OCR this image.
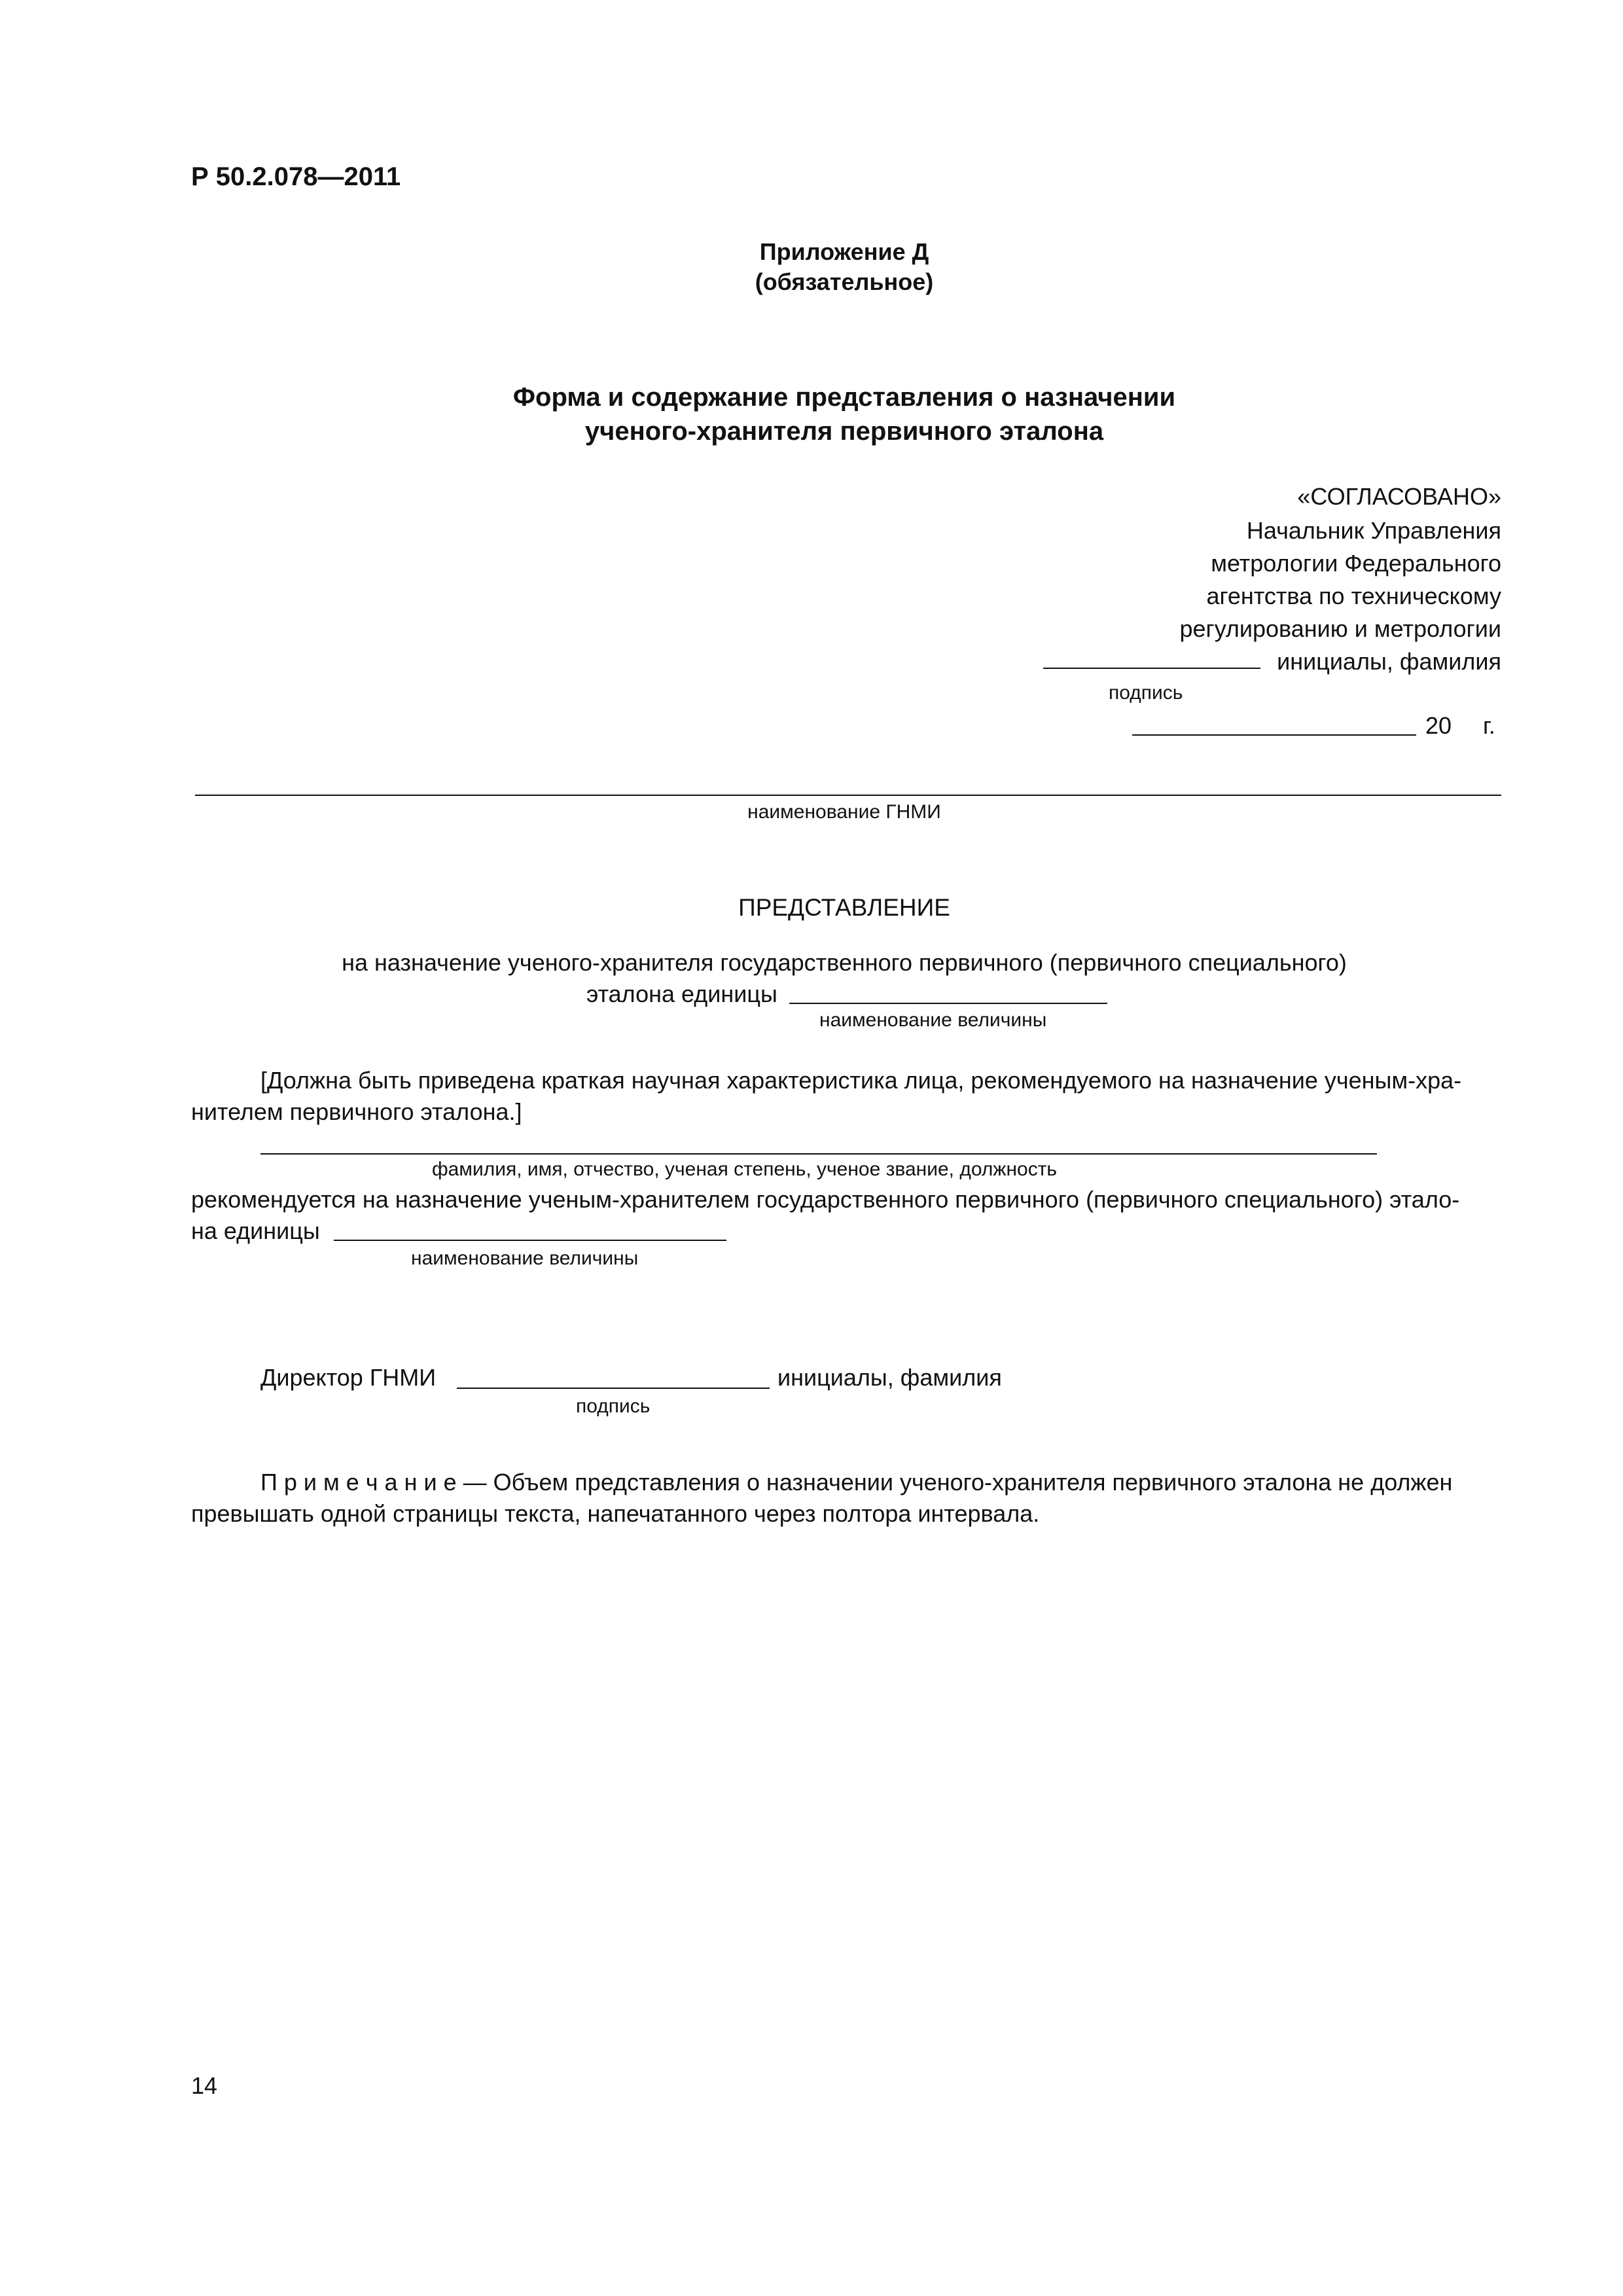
Р 50.2.078—2011
Приложение Д
(обязательное)
Форма и содержание представления о назначении
ученого-хранителя первичного эталона
«СОГЛАСОВАНО»
Начальник Управления
метрологии Федерального
агентства по техническому
регулированию и метрологии
инициалы, фамилия
подпись
20 г.
наименование ГНМИ
ПРЕДСТАВЛЕНИЕ
на назначение ученого-хранителя государственного первичного (первичного специального)
эталона единицы
наименование величины
[Должна быть приведена краткая научная характеристика лица, рекомендуемого на назначение ученым-хра-
нителем первичного эталона.]
фамилия, имя, отчество, ученая степень, ученое звание, должность
рекомендуется на назначение ученым-хранителем государственного первичного (первичного специального) этало-
на единицы
наименование величины
Директор ГНМИ	инициалы, фамилия
подпись
П р и м е ч а н и е — Объем представления о назначении ученого-хранителя первичного эталона не должен
превышать одной страницы текста, напечатанного через полтора интервала.
14
